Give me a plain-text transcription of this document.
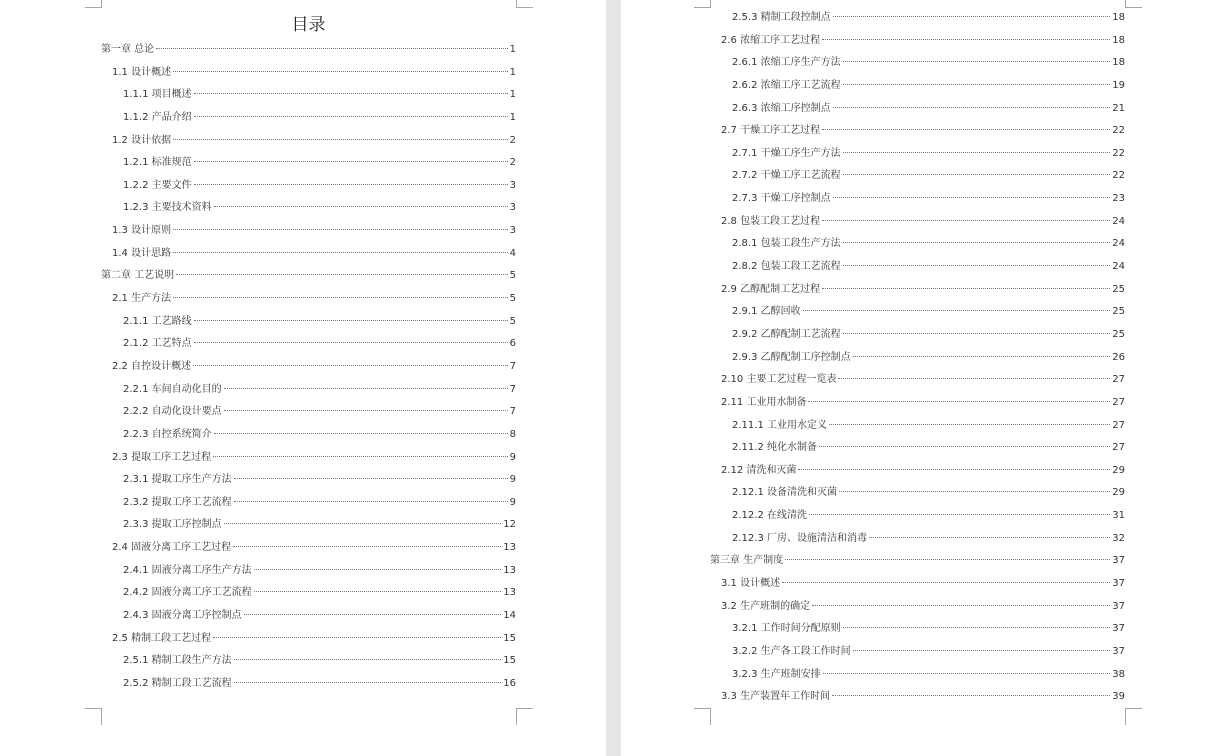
目录
第一章 总论	1
1.1 设计概述	1
1.1.1 项目概述	1
1.1.2 产品介绍	1
1.2 设计依据	2
1.2.1 标准规范	2
1.2.2 主要文件	3
1.2.3 主要技术资料	3
1.3 设计原则	3
1.4 设计思路	4
第二章 工艺说明	5
2.1 生产方法	5
2.1.1 工艺路线	5
2.1.2 工艺特点	6
2.2 自控设计概述	7
2.2.1 车间自动化目的	7
2.2.2 自动化设计要点	7
2.2.3 自控系统简介	8
2.3 提取工序工艺过程	9
2.3.1 提取工序生产方法	9
2.3.2 提取工序工艺流程	9
2.3.3 提取工序控制点	12
2.4 固液分离工序工艺过程	13
2.4.1 固液分离工序生产方法	13
2.4.2 固液分离工序工艺流程	13
2.4.3 固液分离工序控制点	14
2.5 精制工段工艺过程	15
2.5.1 精制工段生产方法	15
2.5.2 精制工段工艺流程	16
2.5.3 精制工段控制点	18
2.6 浓缩工序工艺过程	18
2.6.1 浓缩工序生产方法	18
2.6.2 浓缩工序工艺流程	19
2.6.3 浓缩工序控制点	21
2.7 干燥工序工艺过程	22
2.7.1 干燥工序生产方法	22
2.7.2 干燥工序工艺流程	22
2.7.3 干燥工序控制点	23
2.8 包装工段工艺过程	24
2.8.1 包装工段生产方法	24
2.8.2 包装工段工艺流程	24
2.9 乙醇配制工艺过程	25
2.9.1 乙醇回收	25
2.9.2 乙醇配制工艺流程	25
2.9.3 乙醇配制工序控制点	26
2.10 主要工艺过程一览表	27
2.11 工业用水制备	27
2.11.1 工业用水定义	27
2.11.2 纯化水制备	27
2.12 清洗和灭菌	29
2.12.1 设备清洗和灭菌	29
2.12.2 在线清洗	31
2.12.3 厂房、设施清洁和消毒	32
第三章 生产制度	37
3.1 设计概述	37
3.2 生产班制的确定	37
3.2.1 工作时间分配原则	37
3.2.2 生产各工段工作时间	37
3.2.3 生产班制安排	38
3.3 生产装置年工作时间	39
